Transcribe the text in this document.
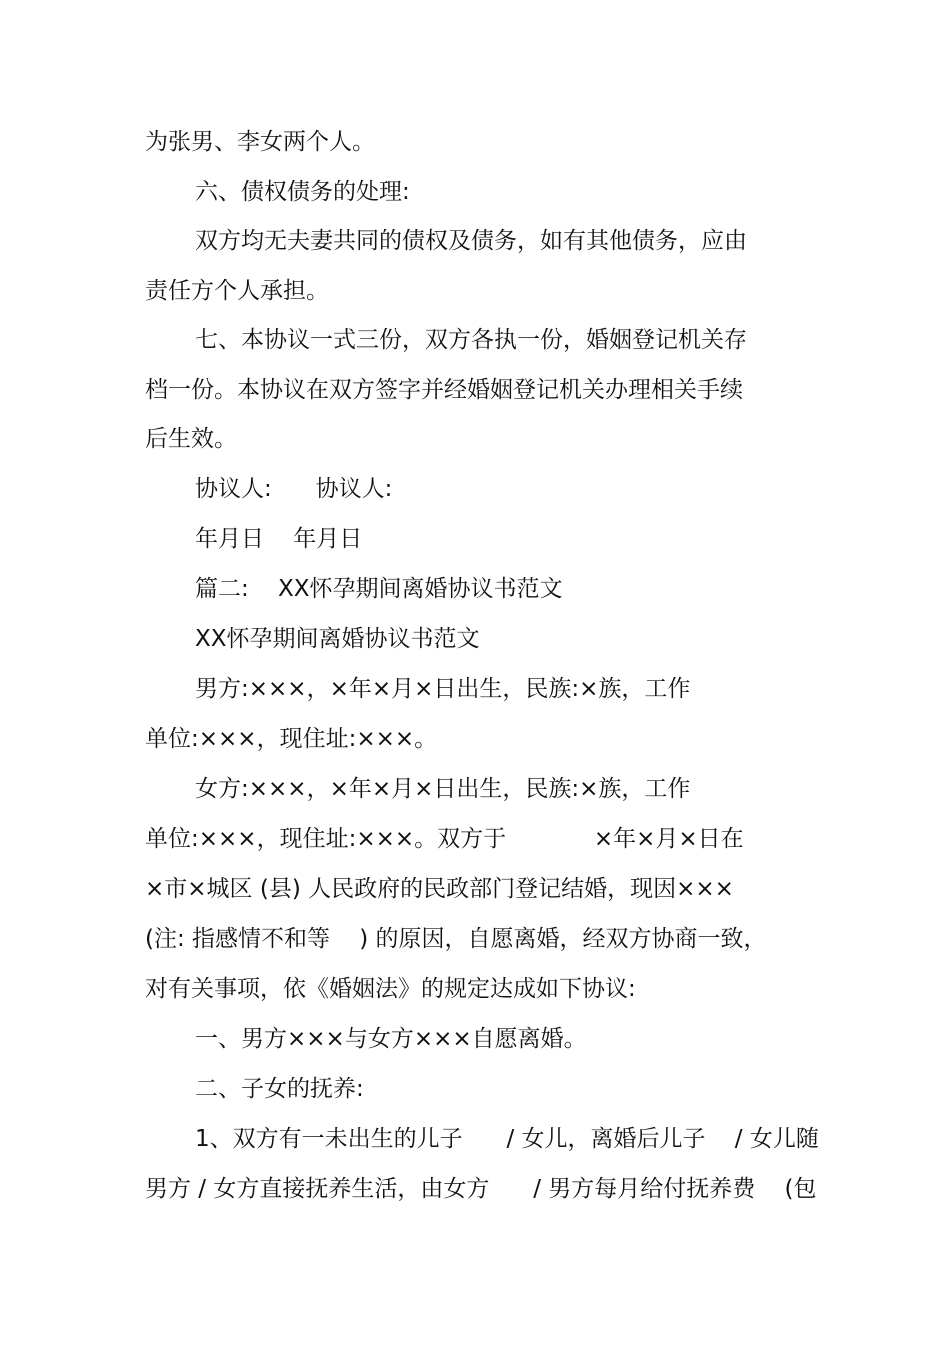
为张男、李女两个人。
六、债权债务的处理:
双方均无夫妻共同的债权及债务，如有其他债务，应由
责任方个人承担。
七、本协议一式三份，双方各执一份，婚姻登记机关存
档一份。本协议在双方签字并经婚姻登记机关办理相关手续
后生效。
协议人:      协议人:
年月日    年月日
篇二:    XX怀孕期间离婚协议书范文
XX怀孕期间离婚协议书范文
男方:×××，×年×月×日出生，民族:×族，工作
单位:×××，现住址:×××。
女方:×××，×年×月×日出生，民族:×族，工作
单位:×××，现住址:×××。双方于            ×年×月×日在
×市×城区 (县) 人民政府的民政部门登记结婚，现因×××
(注: 指感情不和等    ) 的原因，自愿离婚，经双方协商一致，
对有关事项，依《婚姻法》的规定达成如下协议:
一、男方×××与女方×××自愿离婚。
二、子女的抚养:
1、双方有一未出生的儿子      / 女儿，离婚后儿子    / 女儿随
男方 / 女方直接抚养生活，由女方      / 男方每月给付抚养费    (包
